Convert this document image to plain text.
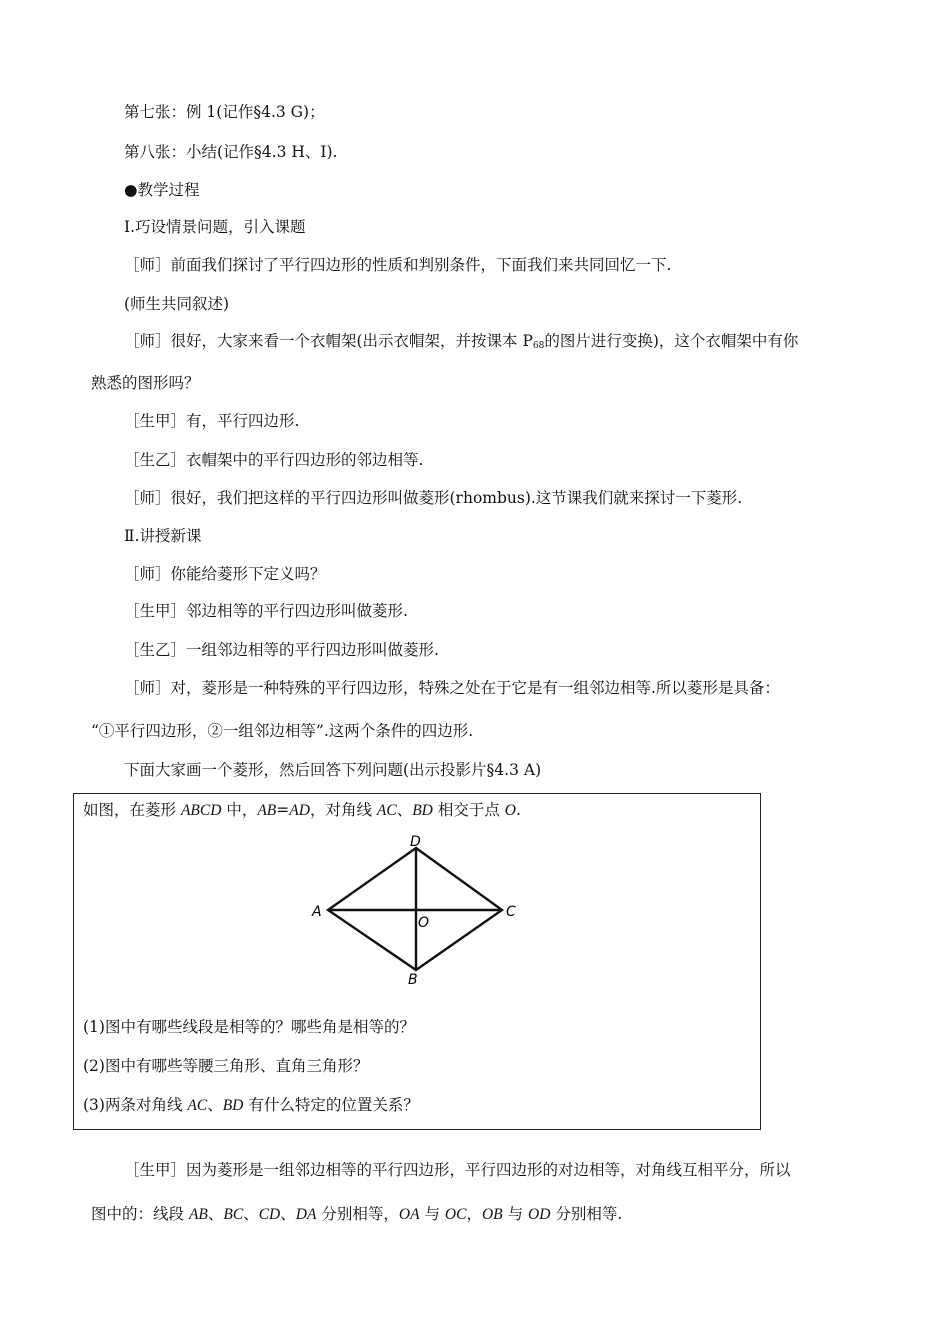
第七张：例 1(记作§4.3 G)；
第八张：小结(记作§4.3 H、I).
●教学过程
Ⅰ.巧设情景问题，引入课题
［师］前面我们探讨了平行四边形的性质和判别条件，下面我们来共同回忆一下.
(师生共同叙述)
［师］很好，大家来看一个衣帽架(出示衣帽架，并按课本 $P_{68}$的图片进行变换)，这个衣帽架中有你
熟悉的图形吗？
［生甲］有，平行四边形.
［生乙］衣帽架中的平行四边形的邻边相等.
［师］很好，我们把这样的平行四边形叫做菱形(rhombus).这节课我们就来探讨一下菱形.
Ⅱ.讲授新课
［师］你能给菱形下定义吗？
［生甲］邻边相等的平行四边形叫做菱形.
［生乙］一组邻边相等的平行四边形叫做菱形.
［师］对，菱形是一种特殊的平行四边形，特殊之处在于它是有一组邻边相等.所以菱形是具备：
“①平行四边形，②一组邻边相等”.这两个条件的四边形.
下面大家画一个菱形，然后回答下列问题(出示投影片§4.3 A)
如图，在菱形 ABCD 中，AB=AD，对角线 AC、BD 相交于点 O.
A	C
D
B
O
(1)图中有哪些线段是相等的？哪些角是相等的？
(2)图中有哪些等腰三角形、直角三角形？
(3)两条对角线 AC、BD 有什么特定的位置关系？
［生甲］因为菱形是一组邻边相等的平行四边形，平行四边形的对边相等，对角线互相平分，所以
图中的：线段 AB、BC、CD、DA 分别相等，OA 与 OC，OB 与 OD 分别相等.
